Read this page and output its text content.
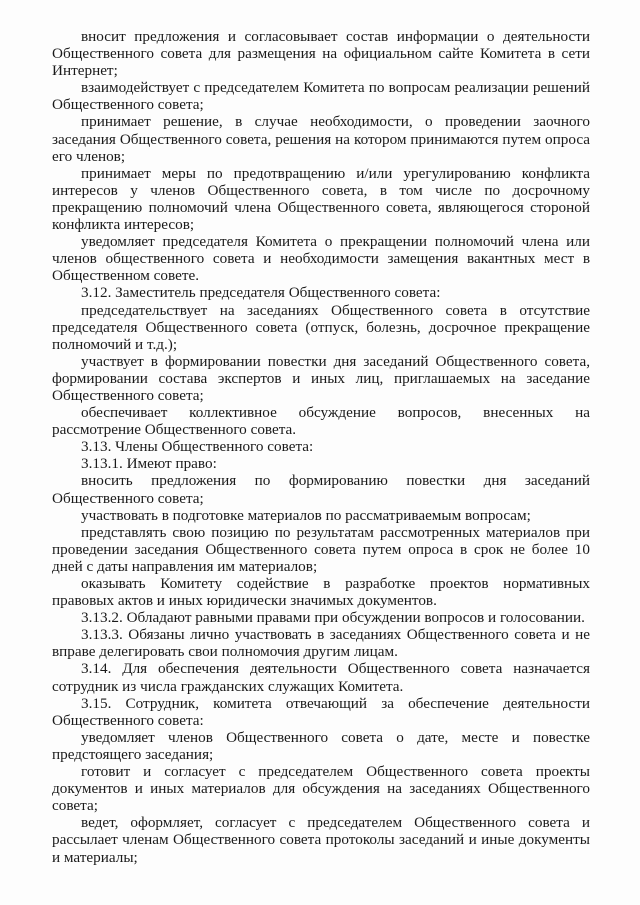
вносит предложения и согласовывает состав информации о деятельности Общественного совета для размещения на официальном сайте Комитета в сети Интернет;

взаимодействует с председателем Комитета по вопросам реализации решений Общественного совета;

принимает решение, в случае необходимости, о проведении заочного заседания Общественного совета, решения на котором принимаются путем опроса его членов;

принимает меры по предотвращению и/или урегулированию конфликта интересов у членов Общественного совета, в том числе по досрочному прекращению полномочий члена Общественного совета, являющегося стороной конфликта интересов;

уведомляет председателя Комитета о прекращении полномочий члена или членов общественного совета и необходимости замещения вакантных мест в Общественном совете.

3.12. Заместитель председателя Общественного совета:

председательствует на заседаниях Общественного совета в отсутствие председателя Общественного совета (отпуск, болезнь, досрочное прекращение полномочий и т.д.);

участвует в формировании повестки дня заседаний Общественного совета, формировании состава экспертов и иных лиц, приглашаемых на заседание Общественного совета;

обеспечивает коллективное обсуждение вопросов, внесенных на рассмотрение Общественного совета.

3.13. Члены Общественного совета:

3.13.1. Имеют право:

вносить предложения по формированию повестки дня заседаний Общественного совета;

участвовать в подготовке материалов по рассматриваемым вопросам;

представлять свою позицию по результатам рассмотренных материалов при проведении заседания Общественного совета путем опроса в срок не более 10 дней с даты направления им материалов;

оказывать Комитету содействие в разработке проектов нормативных правовых актов и иных юридически значимых документов.

3.13.2. Обладают равными правами при обсуждении вопросов и голосовании.

3.13.3. Обязаны лично участвовать в заседаниях Общественного совета и не вправе делегировать свои полномочия другим лицам.

3.14. Для обеспечения деятельности Общественного совета назначается сотрудник из числа гражданских служащих Комитета.

3.15. Сотрудник, комитета отвечающий за обеспечение деятельности Общественного совета:

уведомляет членов Общественного совета о дате, месте и повестке предстоящего заседания;

готовит и согласует с председателем Общественного совета проекты документов и иных материалов для обсуждения на заседаниях Общественного совета;

ведет, оформляет, согласует с председателем Общественного совета и рассылает членам Общественного совета протоколы заседаний и иные документы и материалы;
